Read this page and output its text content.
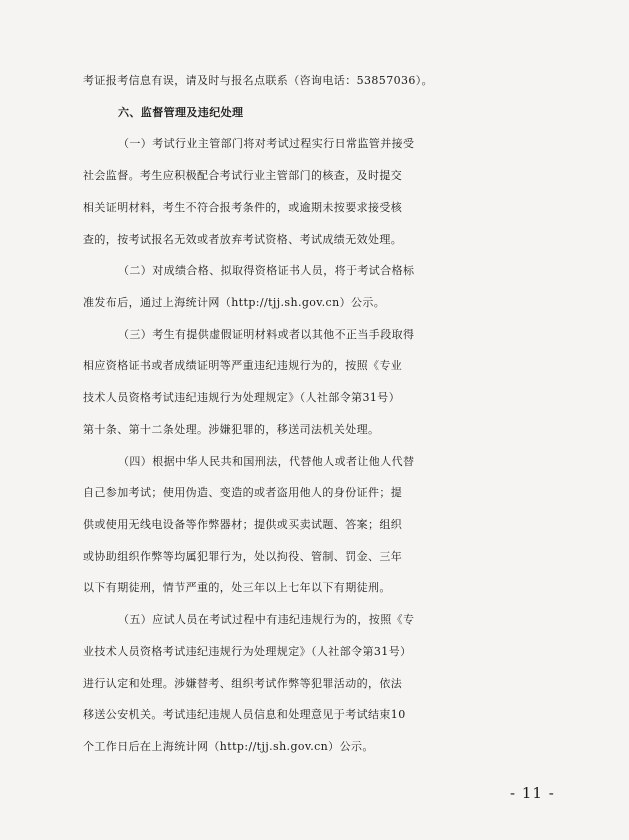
考证报考信息有误，请及时与报名点联系（咨询电话：53857036）。
六、监督管理及违纪处理
（一）考试行业主管部门将对考试过程实行日常监管并接受
社会监督。考生应积极配合考试行业主管部门的核查，及时提交
相关证明材料，考生不符合报考条件的，或逾期未按要求接受核
查的，按考试报名无效或者放弃考试资格、考试成绩无效处理。
（二）对成绩合格、拟取得资格证书人员，将于考试合格标
准发布后，通过上海统计网（http://tjj.sh.gov.cn）公示。
（三）考生有提供虚假证明材料或者以其他不正当手段取得
相应资格证书或者成绩证明等严重违纪违规行为的，按照《专业
技术人员资格考试违纪违规行为处理规定》（人社部令第31号）
第十条、第十二条处理。涉嫌犯罪的，移送司法机关处理。
（四）根据中华人民共和国刑法，代替他人或者让他人代替
自己参加考试；使用伪造、变造的或者盗用他人的身份证件；提
供或使用无线电设备等作弊器材；提供或买卖试题、答案；组织
或协助组织作弊等均属犯罪行为，处以拘役、管制、罚金、三年
以下有期徒刑，情节严重的，处三年以上七年以下有期徒刑。
（五）应试人员在考试过程中有违纪违规行为的，按照《专
业技术人员资格考试违纪违规行为处理规定》（人社部令第31号）
进行认定和处理。涉嫌替考、组织考试作弊等犯罪活动的，依法
移送公安机关。考试违纪违规人员信息和处理意见于考试结束10
个工作日后在上海统计网（http://tjj.sh.gov.cn）公示。
- 11 -
